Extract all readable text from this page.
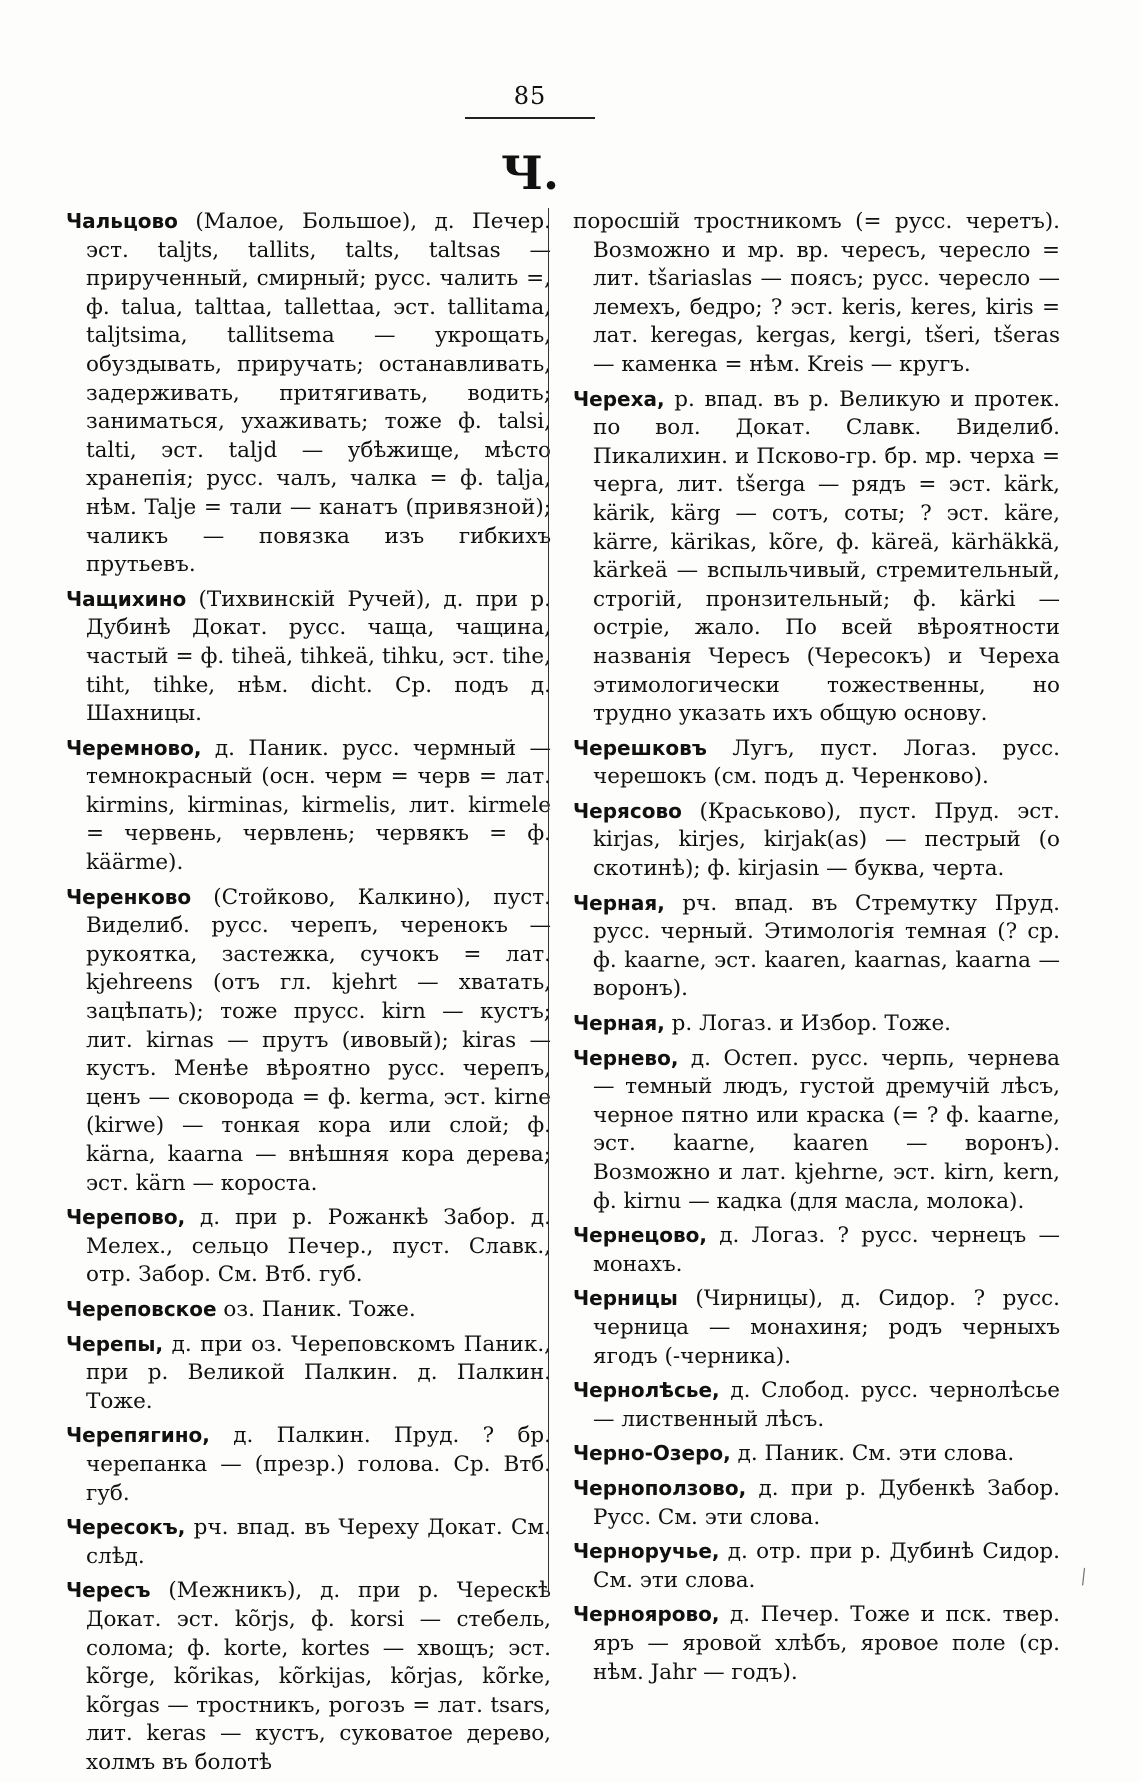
85
Ч.

Чальцово (Малое, Большое), д. Печер. эст. taljts, tallits, talts, taltsas — прирученный, смирный; русс. чалить =, ф. talua, talttaa, tallettaa, эст. tallitama, taljtsima, tallitsema — укрощать, обуздывать, приручать; останавливать, задерживать, притягивать, водить; заниматься, ухаживать; тоже ф. talsi, talti, эст. taljd — убѣжище, мѣсто хранепія; русс. чалъ, чалка = ф. talja, нѣм. Talje = тали — канатъ (привязной); чаликъ — повязка изъ гибкихъ прутьевъ.

Чащихино (Тихвинскій Ручей), д. при р. Дубинѣ Докат. русс. чаща, чащина, частый = ф. tiheä, tihkeä, tihku, эст. tihe, tiht, tihke, нѣм. dicht. Ср. подъ д. Шахницы.

Черемново, д. Паник. русс. чермный — темнокрасный (осн. черм = черв = лат. kirmins, kirminas, kirmelis, лит. kirmele = червень, червлень; червякъ = ф. käärme).

Черенково (Стойково, Калкино), пуст. Виделиб. русс. черепъ, черенокъ — рукоятка, застежка, сучокъ = лат. kjehreens (отъ гл. kjehrt — хватать, зацѣпать); тоже прусс. kirn — кустъ; лит. kirnas — прутъ (ивовый); kiras — кустъ. Менѣе вѣроятно русс. черепъ, ценъ — сковорода = ф. kerma, эст. kirne (kirwe) — тонкая кора или слой; ф. kärna, kaarna — внѣшняя кора дерева; эст. kärn — короста.

Черепово, д. при р. Рожанкѣ Забор. д. Мелех., сельцо Печер., пуст. Славк., отр. Забор. См. Втб. губ.

Череповское оз. Паник. Тоже.

Черепы, д. при оз. Череповскомъ Паник., при р. Великой Палкин. д. Палкин. Тоже.

Черепягино, д. Палкин. Пруд. ? бр. черепанка — (презр.) голова. Ср. Втб. губ.

Чересокъ, рч. впад. въ Череху Докат. См. слѣд.

Чересъ (Межникъ), д. при р. Черескѣ Докат. эст. kõrjs, ф. korsi — стебель, солома; ф. korte, kortes — хвощъ; эст. kõrge, kõrikas, kõrkijas, kõrjas, kõrke, kõrgas — тростникъ, рогозъ = лат. tsars, лит. keras — кустъ, суковатое дерево, холмъ въ болотѣ

поросшій тростникомъ (= русс. черетъ). Возможно и мр. вр. чересъ, чересло = лит. tšariaslas — поясъ; русс. чересло — лемехъ, бедро; ? эст. keris, keres, kiris = лат. keregas, kergas, kergi, tšeri, tšeras — каменка = нѣм. Kreis — кругъ.

Череха, р. впад. въ р. Великую и протек. по вол. Докат. Славк. Виделиб. Пикалихин. и Псково-гр. бр. мр. черха = черга, лит. tšerga — рядъ = эст. kärk, kärik, kärg — сотъ, соты; ? эст. käre, kärre, kärikas, kõre, ф. käreä, kärhäkkä, kärkeä — вспыльчивый, стремительный, строгій, пронзительный; ф. kärki — остріе, жало. По всей вѣроятности названія Чересъ (Чересокъ) и Череха этимологически тожественны, но трудно указать ихъ общую основу.

Черешковъ Лугъ, пуст. Логаз. русс. черешокъ (см. подъ д. Черенково).

Черясово (Краськово), пуст. Пруд. эст. kirjas, kirjes, kirjak(as) — пестрый (о скотинѣ); ф. kirjasin — буква, черта.

Черная, рч. впад. въ Стремутку Пруд. русс. черный. Этимологія темная (? ср. ф. kaarne, эст. kaaren, kaarnas, kaarna — воронъ).

Черная, р. Логаз. и Избор. Тоже.

Чернево, д. Остеп. русс. черпь, чернева — темный людъ, густой дремучій лѣсъ, черное пятно или краска (= ? ф. kaarne, эст. kaarne, kaaren — воронъ). Возможно и лат. kjehrne, эст. kirn, kern, ф. kirnu — кадка (для масла, молока).

Чернецово, д. Логаз. ? русс. чернецъ — монахъ.

Черницы (Чирницы), д. Сидор. ? русс. черница — монахиня; родъ черныхъ ягодъ (-черника).

Чернолѣсье, д. Слобод. русс. чернолѣсье — лиственный лѣсъ.

Черно-Озеро, д. Паник. См. эти слова.

Черноползово, д. при р. Дубенкѣ Забор. Русс. См. эти слова.

Черноручье, д. отр. при р. Дубинѣ Сидор. См. эти слова.

Черноярово, д. Печер. Тоже и пск. твер. яръ — яровой хлѣбъ, яровое поле (ср. нѣм. Jahr — годъ).

⁄
